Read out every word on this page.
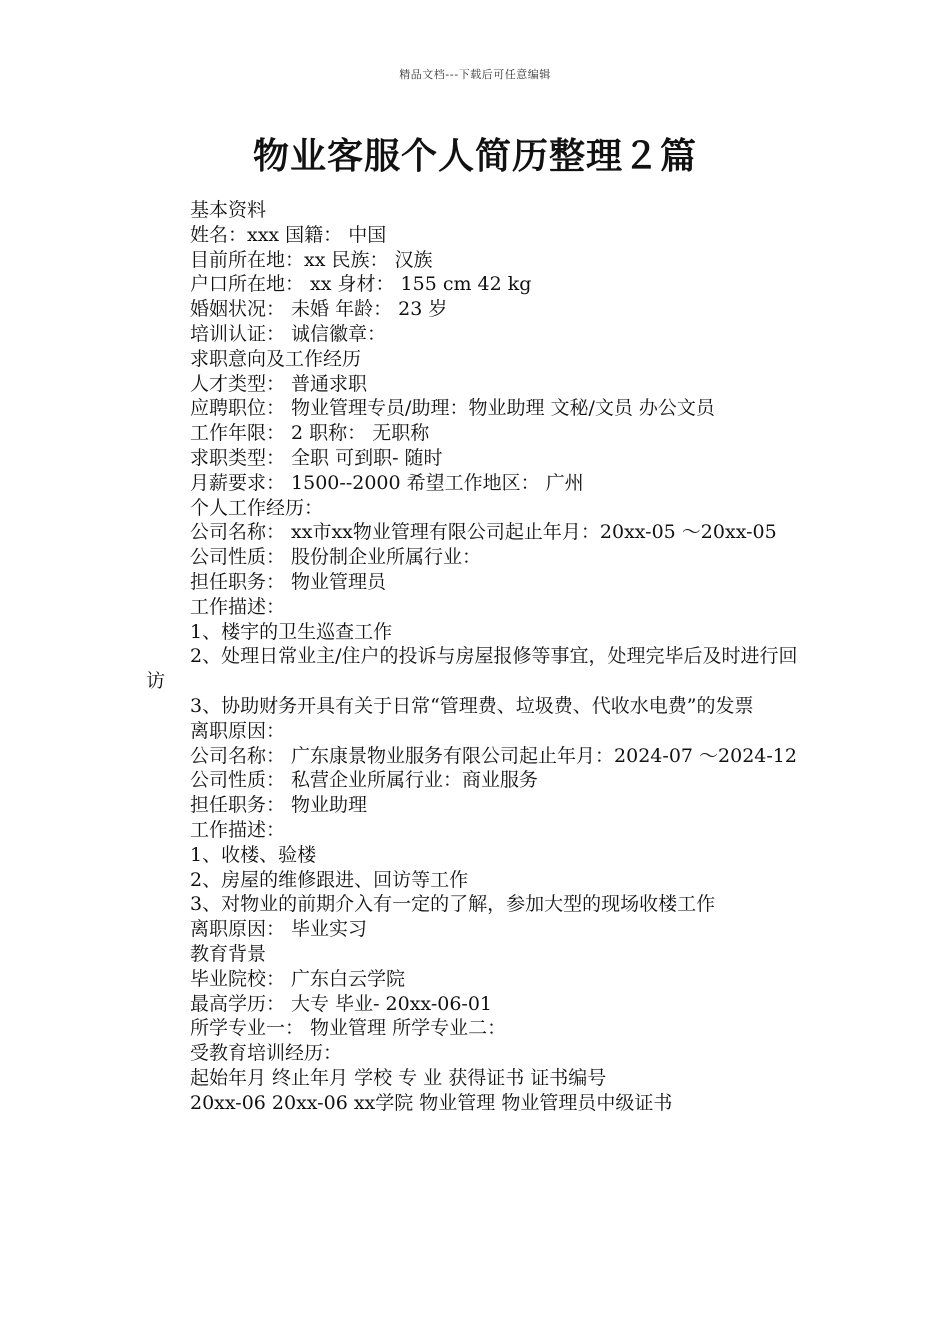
精品文档---下载后可任意编辑
物业客服个人简历整理２篇

基本资料

姓名：xxx 国籍： 中国

目前所在地：xx 民族： 汉族

户口所在地： xx 身材： 155 cm 42 kg

婚姻状况： 未婚 年龄： 23 岁

培训认证： 诚信徽章：

求职意向及工作经历

人才类型： 普通求职

应聘职位： 物业管理专员/助理：物业助理 文秘/文员 办公文员

工作年限： 2 职称： 无职称

求职类型： 全职 可到职- 随时

月薪要求： 1500--2000 希望工作地区： 广州

个人工作经历：

公司名称： xx市xx物业管理有限公司起止年月：20xx-05 ～20xx-05

公司性质： 股份制企业所属行业：

担任职务： 物业管理员

工作描述：

1、楼宇的卫生巡查工作

2、处理日常业主/住户的投诉与房屋报修等事宜，处理完毕后及时进行回访

3、协助财务开具有关于日常“管理费、垃圾费、代收水电费”的发票

离职原因：

公司名称： 广东康景物业服务有限公司起止年月：2024-07 ～2024-12

公司性质： 私营企业所属行业：商业服务

担任职务： 物业助理

工作描述：

1、收楼、验楼

2、房屋的维修跟进、回访等工作

3、对物业的前期介入有一定的了解，参加大型的现场收楼工作

离职原因： 毕业实习

教育背景

毕业院校： 广东白云学院

最高学历： 大专 毕业- 20xx-06-01

所学专业一： 物业管理 所学专业二：

受教育培训经历：

起始年月 终止年月 学校 专 业 获得证书 证书编号

20xx-06 20xx-06 xx学院 物业管理 物业管理员中级证书
